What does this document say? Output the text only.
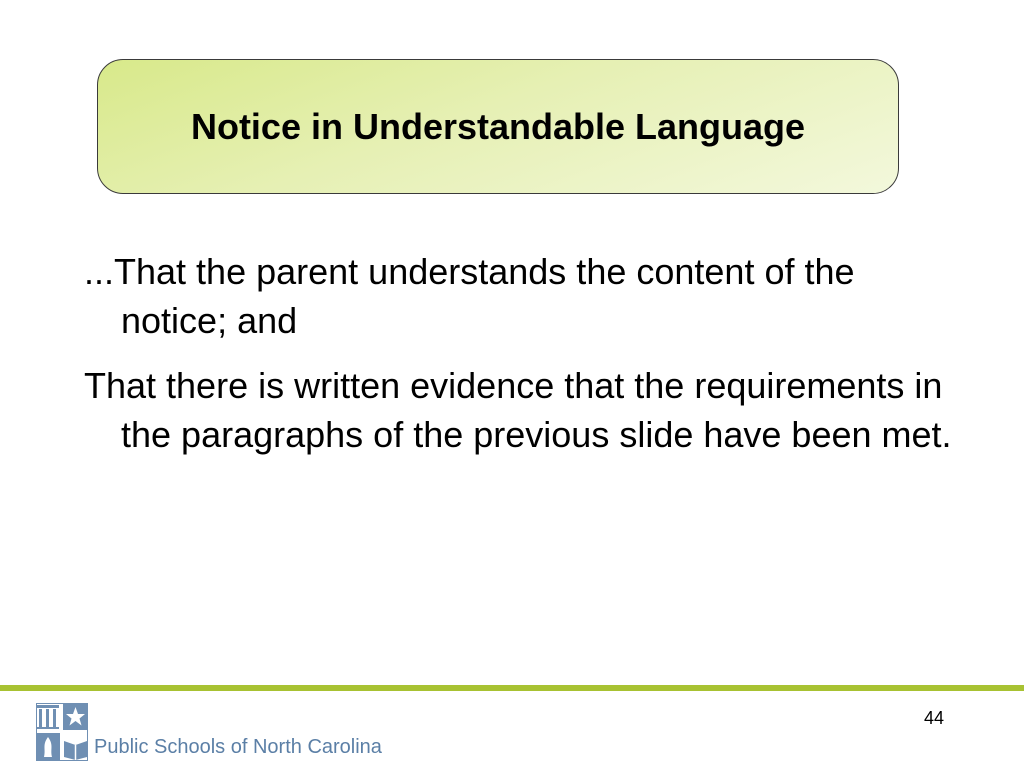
Notice in Understandable Language

...That the parent understands the content of the notice; and

That there is written evidence that the requirements in the paragraphs of the previous slide have been met.

Public Schools of North Carolina
44
